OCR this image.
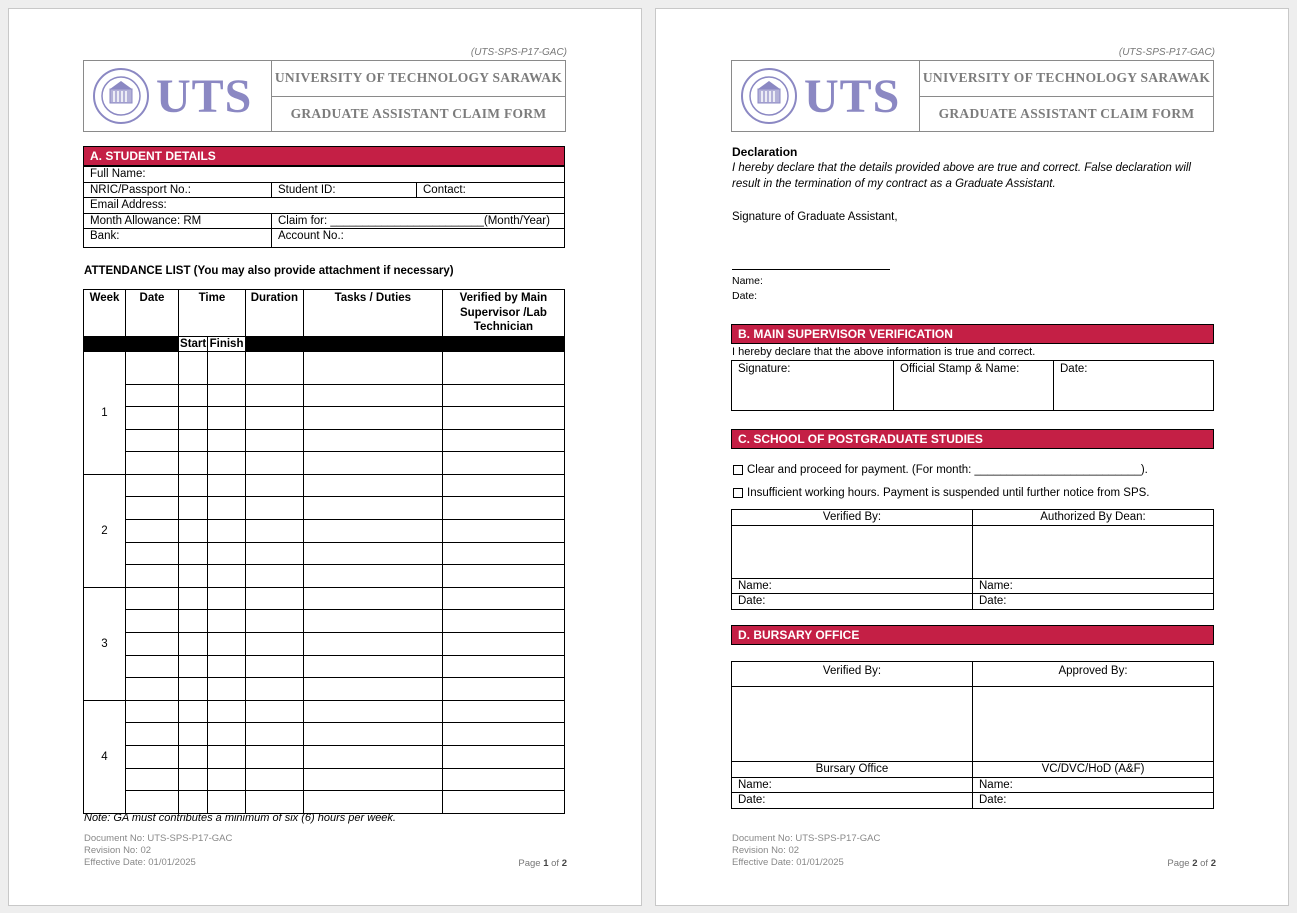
(UTS-SPS-P17-GAC)
UTS UNIVERSITY OF TECHNOLOGY SARAWAK
GRADUATE ASSISTANT CLAIM FORM
A. STUDENT DETAILS
Full Name:		
NRIC/Passport No.:	Student ID:	Contact:
Email Address:		
Month Allowance: RM	Claim for: ________________________(Month/Year)	
Bank:	Account No.:	
ATTENDANCE LIST (You may also provide attachment if necessary)
Week	Date	Time		Duration	Tasks / Duties	Verified by Main Supervisor /Lab Technician
		Start	Finish			
1						

2						

3						

4						

Note: GA must contributes a minimum of six (6) hours per week.
Document No: UTS-SPS-P17-GAC
Revision No: 02
Effective Date: 01/01/2025	Page 1 of 2
(UTS-SPS-P17-GAC)
UTS UNIVERSITY OF TECHNOLOGY SARAWAK
GRADUATE ASSISTANT CLAIM FORM
Declaration
I hereby declare that the details provided above are true and correct. False declaration will result in the termination of my contract as a Graduate Assistant.
Signature of Graduate Assistant,
Name:
Date:
B. MAIN SUPERVISOR VERIFICATION
I hereby declare that the above information is true and correct.
Signature:	Official Stamp & Name:	Date:
C. SCHOOL OF POSTGRADUATE STUDIES
Clear and proceed for payment. (For month: __________________________).
Insufficient working hours. Payment is suspended until further notice from SPS.
Verified By:	Authorized By Dean:

Name:	Name:
Date:	Date:
D. BURSARY OFFICE
Verified By:	Approved By:

Bursary Office	VC/DVC/HoD (A&F)
Name:	Name:
Date:	Date:
Document No: UTS-SPS-P17-GAC
Revision No: 02
Effective Date: 01/01/2025	Page 2 of 2
